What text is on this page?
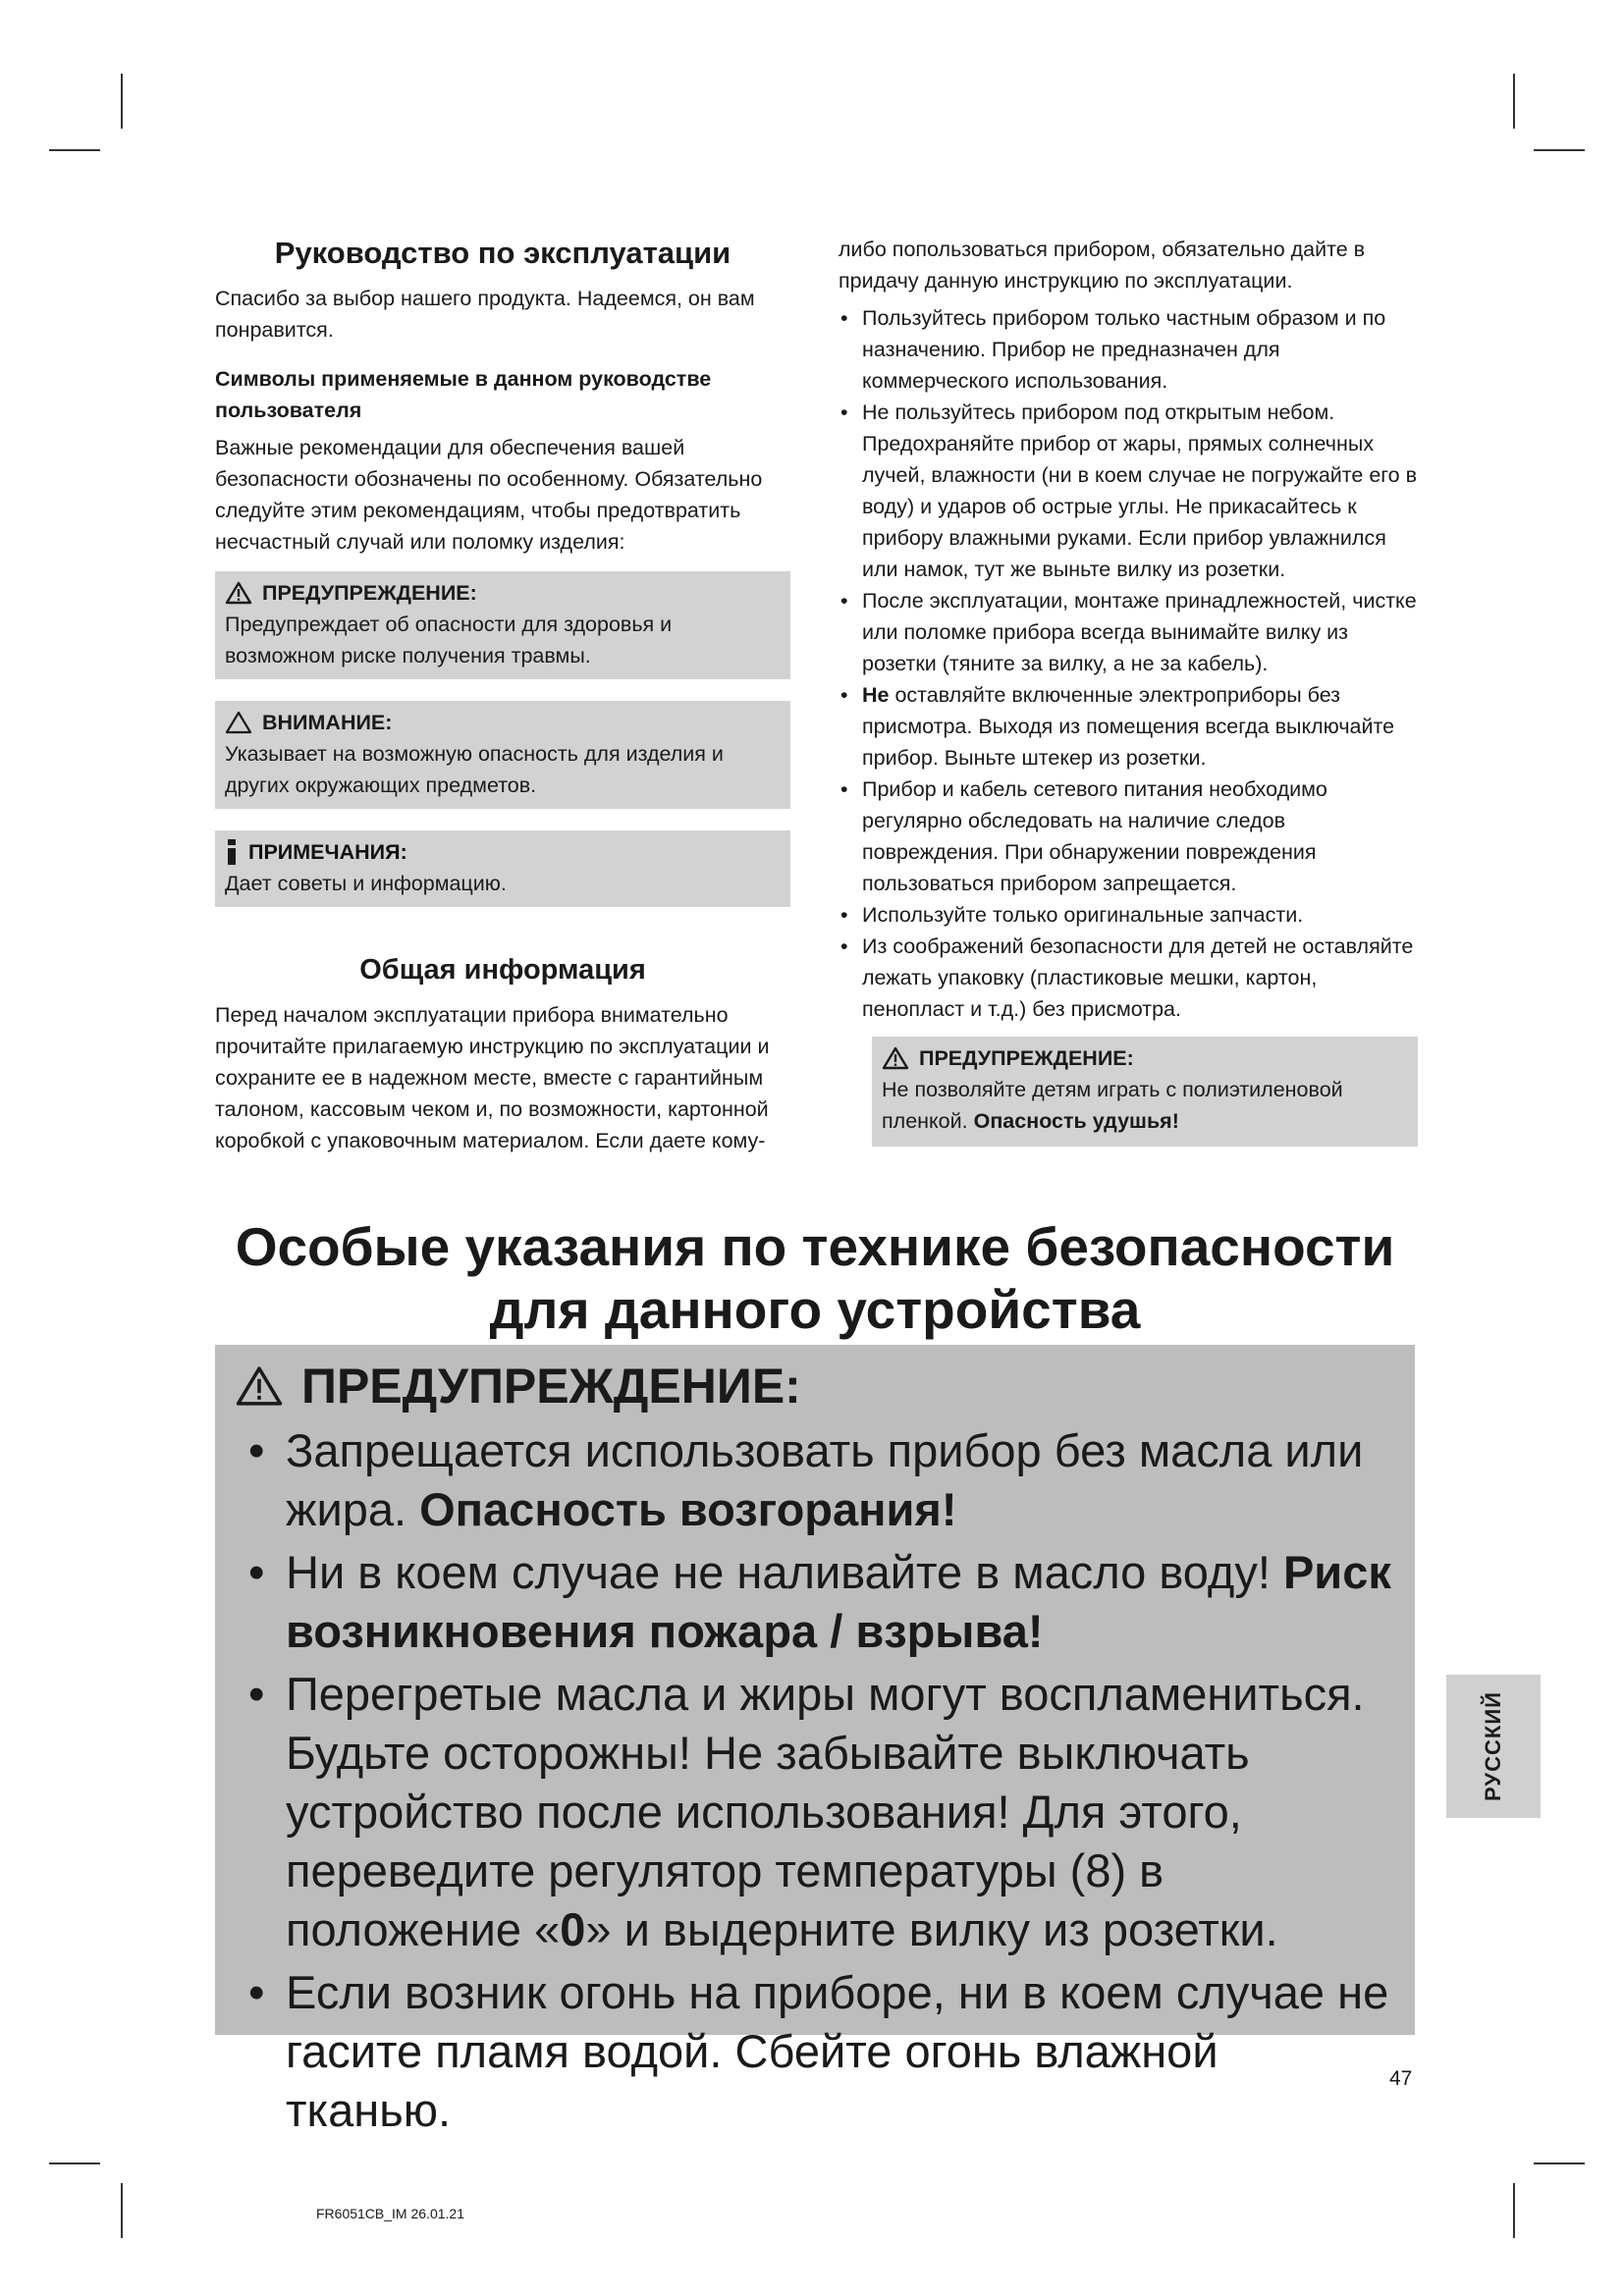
Руководство по эксплуатации

Спасибо за выбор нашего продукта. Надеемся, он вам понравится.

Символы применяемые в данном руководстве пользователя

Важные рекомендации для обеспечения вашей безопасности обозначены по особенному. Обязательно следуйте этим рекомендациям, чтобы предотвратить несчастный случай или поломку изделия:

ПРЕДУПРЕЖДЕНИЕ:

Предупреждает об опасности для здоровья и возможном риске получения травмы.

ВНИМАНИЕ:

Указывает на возможную опасность для изделия и других окружающих предметов.

ПРИМЕЧАНИЯ:

Дает советы и информацию.

Общая информация

Перед началом эксплуатации прибора внимательно прочитайте прилагаемую инструкцию по эксплуатации и сохраните ее в надежном месте, вместе с гарантийным талоном, кассовым чеком и, по возможности, картонной коробкой с упаковочным материалом. Если даете кому-

либо попользоваться прибором, обязательно дайте в придачу данную инструкцию по эксплуатации.

• Пользуйтесь прибором только частным образом и по назначению. Прибор не предназначен для коммерческого использования.
• Не пользуйтесь прибором под открытым небом. Предохраняйте прибор от жары, прямых солнечных лучей, влажности (ни в коем случае не погружайте его в воду) и ударов об острые углы. Не прикасайтесь к прибору влажными руками. Если прибор увлажнился или намок, тут же выньте вилку из розетки.
• После эксплуатации, монтаже принадлежностей, чистке или поломке прибора всегда вынимайте вилку из розетки (тяните за вилку, а не за кабель).
• Не оставляйте включенные электроприборы без присмотра. Выходя из помещения всегда выключайте прибор. Выньте штекер из розетки.
• Прибор и кабель сетевого питания необходимо регулярно обследовать на наличие следов повреждения. При обнаружении повреждения пользоваться прибором запрещается.
• Используйте только оригинальные запчасти.
• Из соображений безопасности для детей не оставляйте лежать упаковку (пластиковые мешки, картон, пенопласт и т.д.) без присмотра.
ПРЕДУПРЕЖДЕНИЕ:

Не позволяйте детям играть с полиэтиленовой пленкой. Опасность удушья!

Особые указания по технике безопасности
для данного устройства
ПРЕДУПРЕЖДЕНИЕ:
• Запрещается использовать прибор без масла или жира. Опасность возгорания!
• Ни в коем случае не наливайте в масло воду! Риск возникновения пожара / взрыва!
• Перегретые масла и жиры могут воспламениться. Будьте осторожны! Не забывайте выключать устройство после использования! Для этого, переведите регулятор температуры (8) в положение «0» и выдерните вилку из розетки.
• Если возник огонь на приборе, ни в коем случае не гасите пламя водой. Сбейте огонь влажной тканью.
РУССКИЙ
47
FR6051CB_IM 26.01.21
